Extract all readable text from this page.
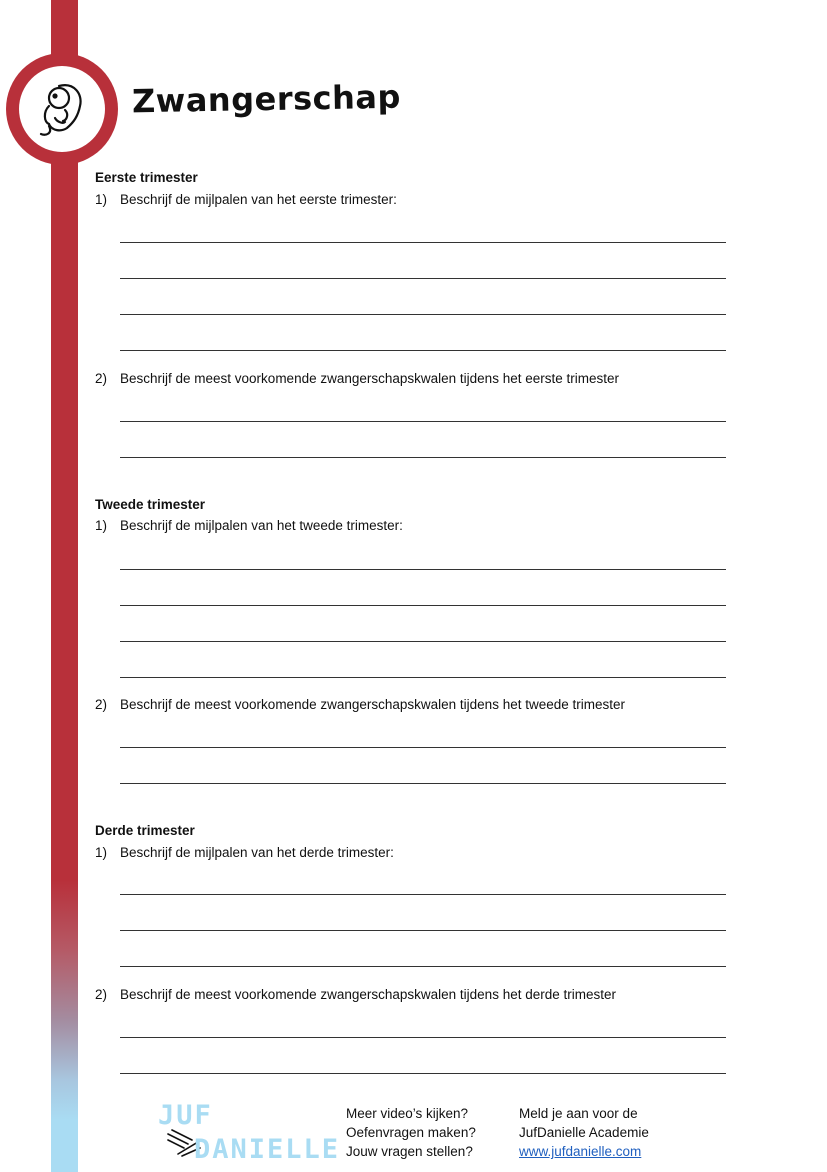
Zwangerschap
Eerste trimester
1) Beschrijf de mijlpalen van het eerste trimester:
2) Beschrijf de meest voorkomende zwangerschapskwalen tijdens het eerste trimester
Tweede trimester
1) Beschrijf de mijlpalen van het tweede trimester:
2) Beschrijf de meest voorkomende zwangerschapskwalen tijdens het tweede trimester
Derde trimester
1) Beschrijf de mijlpalen van het derde trimester:
2) Beschrijf de meest voorkomende zwangerschapskwalen tijdens het derde trimester
JUF
DANIELLE
Meer video’s kijken?
Oefenvragen maken?
Jouw vragen stellen?
Meld je aan voor de
JufDanielle Academie
www.jufdanielle.com
